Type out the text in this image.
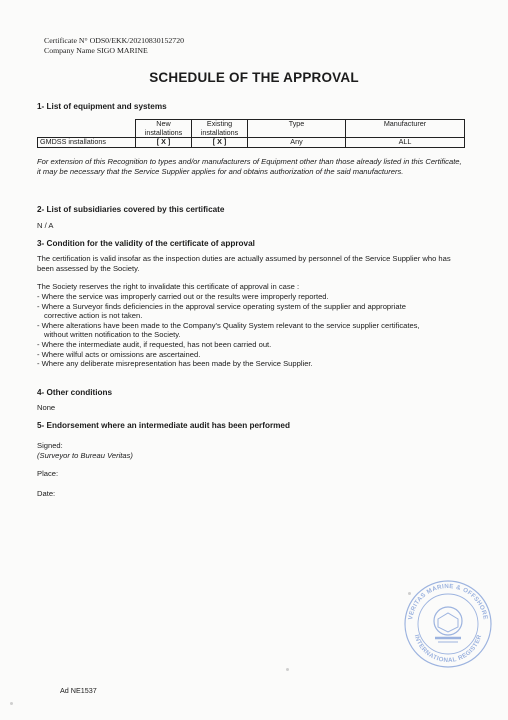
Certificate N° ODS0/EKK/20210830152720
Company Name SIGO MARINE
SCHEDULE OF THE APPROVAL
1- List of equipment and systems
	New installations	Existing installations	Type	Manufacturer
GMDSS installations	[ X ]	[ X ]	Any	ALL
For extension of this Recognition to types and/or manufacturers of Equipment other than those already listed in this Certificate, it may be necessary that the Service Supplier applies for and obtains authorization of the said manufacturers.
2- List of subsidiaries covered by this certificate
N / A
3- Condition for the validity of the certificate of approval
The certification is valid insofar as the inspection duties are actually assumed by personnel of the Service Supplier who has been assessed by the Society.
The Society reserves the right to invalidate this certificate of approval in case :
- Where the service was improperly carried out or the results were improperly reported.
- Where a Surveyor finds deficiencies in the approval service operating system of the supplier and appropriate
corrective action is not taken.
- Where alterations have been made to the Company's Quality System relevant to the service supplier certificates,
without written notification to the Society.
- Where the intermediate audit, if requested, has not been carried out.
- Where wilful acts or omissions are ascertained.
- Where any deliberate misrepresentation has been made by the Service Supplier.
4- Other conditions
None
5- Endorsement where an intermediate audit has been performed
Signed:
(Surveyor to Bureau Veritas)
Place:
Date:
VERITAS MARINE & OFFSHORE
INTERNATIONAL REGISTER
Ad NE1537
